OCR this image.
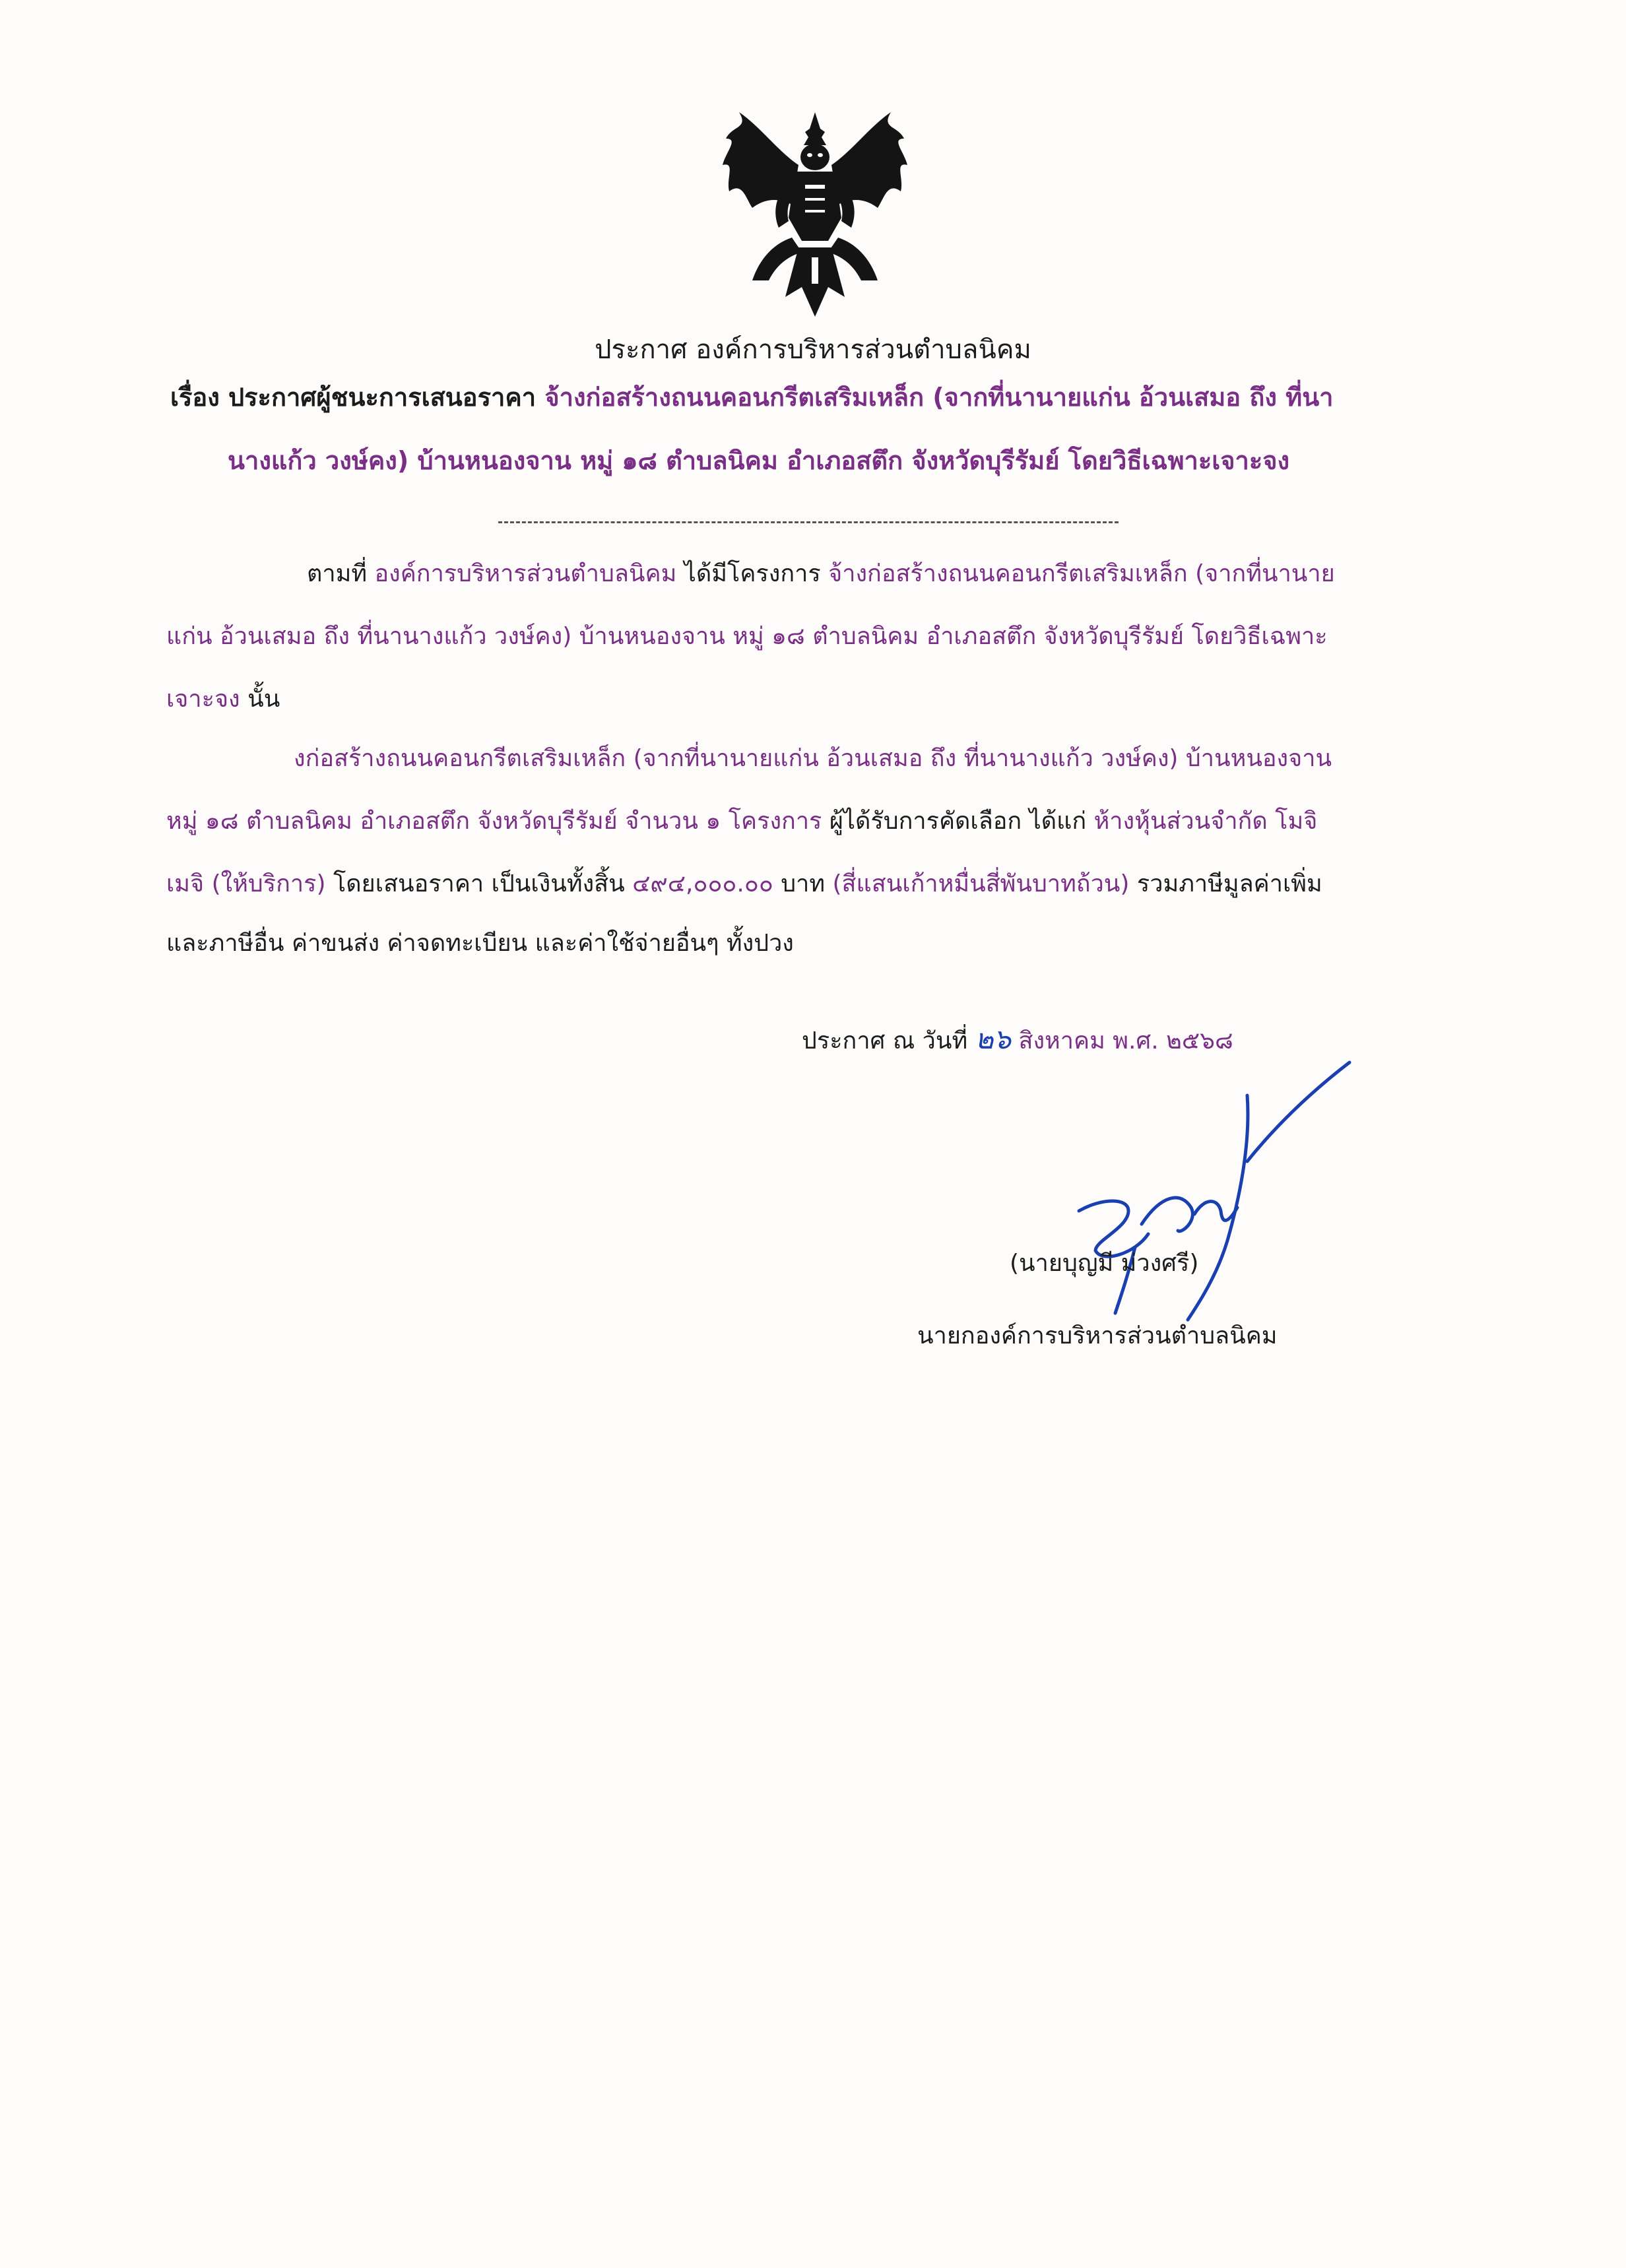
ประกาศ องค์การบริหารส่วนตำบลนิคม
เรื่อง ประกาศผู้ชนะการเสนอราคา จ้างก่อสร้างถนนคอนกรีตเสริมเหล็ก (จากที่นานายแก่น อ้วนเสมอ ถึง ที่นา
นางแก้ว วงษ์คง) บ้านหนองจาน หมู่ ๑๘ ตำบลนิคม อำเภอสตึก จังหวัดบุรีรัมย์ โดยวิธีเฉพาะเจาะจง
ตามที่ องค์การบริหารส่วนตำบลนิคม ได้มีโครงการ จ้างก่อสร้างถนนคอนกรีตเสริมเหล็ก (จากที่นานาย
แก่น อ้วนเสมอ ถึง ที่นานางแก้ว วงษ์คง) บ้านหนองจาน หมู่ ๑๘ ตำบลนิคม อำเภอสตึก จังหวัดบุรีรัมย์ โดยวิธีเฉพาะ
เจาะจง นั้น
งก่อสร้างถนนคอนกรีตเสริมเหล็ก (จากที่นานายแก่น อ้วนเสมอ ถึง ที่นานางแก้ว วงษ์คง) บ้านหนองจาน
หมู่ ๑๘ ตำบลนิคม อำเภอสตึก จังหวัดบุรีรัมย์ จำนวน ๑ โครงการ ผู้ได้รับการคัดเลือก ได้แก่ ห้างหุ้นส่วนจำกัด โมจิ
เมจิ (ให้บริการ) โดยเสนอราคา เป็นเงินทั้งสิ้น ๔๙๔,๐๐๐.๐๐ บาท (สี่แสนเก้าหมื่นสี่พันบาทถ้วน) รวมภาษีมูลค่าเพิ่ม
และภาษีอื่น ค่าขนส่ง ค่าจดทะเบียน และค่าใช้จ่ายอื่นๆ ทั้งปวง
ประกาศ ณ วันที่ ๒๖ สิงหาคม พ.ศ. ๒๕๖๘
(นายบุญมี ม่วงศรี)
นายกองค์การบริหารส่วนตำบลนิคม
